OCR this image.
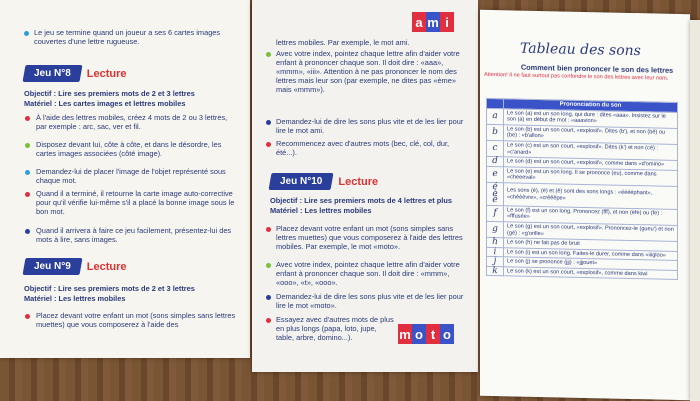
Le jeu se termine quand un joueur a ses 6 cartes images couvertes d'une lettre rugueuse.
Jeu N°8	Lecture
Objectif : Lire ses premiers mots de 2 et 3 lettres
Matériel : Les cartes images et lettres mobiles
À l'aide des lettres mobiles, créez 4 mots de 2 ou 3 lettres, par exemple : arc, sac, ver et fil.
Disposez devant lui, côte à côte, et dans le désordre, les cartes images associées (côté image).
Demandez-lui de placer l'image de l'objet représenté sous chaque mot.
Quand il a terminé, il retourne la carte image auto-corrective pour qu'il vérifie lui-même s'il a placé la bonne image sous le bon mot.
Quand il arrivera à faire ce jeu facilement, présentez-lui des mots à lire, sans images.
Jeu N°9	Lecture
Objectif : Lire ses premiers mots de 2 et 3 lettres
Matériel : Les lettres mobiles
Placez devant votre enfant un mot (sons simples sans lettres muettes) que vous composerez à l'aide des
a m i
lettres mobiles. Par exemple, le mot ami.
Avec votre index, pointez chaque lettre afin d'aider votre enfant à prononcer chaque son. Il doit dire : «aaa», «mmm», «iii». Attention à ne pas prononcer le nom des lettres mais leur son (par exemple, ne dites pas «ème» mais «mmm»).
Demandez-lui de dire les sons plus vite et de les lier pour lire le mot ami.
Recommencez avec d'autres mots (bec, clé, col, dur, été...).
Jeu N°10	Lecture
Objectif : Lire ses premiers mots de 4 lettres et plus
Matériel : Les lettres mobiles
Placez devant votre enfant un mot (sons simples sans lettres muettes) que vous composerez à l'aide des lettres mobiles. Par exemple, le mot «moto».
Avec votre index, pointez chaque lettre afin d'aider votre enfant à prononcer chaque son. Il doit dire : «mmm», «ooo», «t», «ooo».
Demandez-lui de dire les sons plus vite et de les lier pour lire le mot «moto».
Essayez avec d'autres mots de plus en plus longs (papa, loto, jupe, table, arbre, domino...).	m o t o
Tableau des sons
Comment bien prononcer le son des lettres
Attention! Il ne faut surtout pas confondre le son des lettres avec leur nom.
	Prononciation du son
a	Le son (a) est un son long, qui dure : dites «aaa». Insistez sur le son (a) en début de mot : «aaavion»
b	Le son (b) est un son court, «explosif». Dites (b'), et non (bé) ou (be) : «b'allon»
c	Le son (c) est un son court, «explosif». Dites (k') et non (cé) : «c'anard»
d	Le son (d) est un son court, «explosif», comme dans «d'omino»
e	Le son (e) est un son long. Il se prononce (eu), comme dans «cheeeval»
é è ê	Les sons (é), (è) et (ê) sont des sons longs : «ééééphant», «chèèèvre», «crêêêpe»
f	Le son (f) est un son long. Prononcez (fff), et non (èfe) ou (fe) : «fffusée»
g	Le son (g) est un son court, «explosif». Prononcez-le (gueu') et non (gé) : «g'orille»
h	Le son (h) ne fait pas de bruit
i	Le son (i) est un son long. Faites-le durer, comme dans «iiigloo»
j	Le son (j) se prononce (jjj) : «jjjouet»
k	Le son (k) est un son court, «explosif», comme dans kiwi
